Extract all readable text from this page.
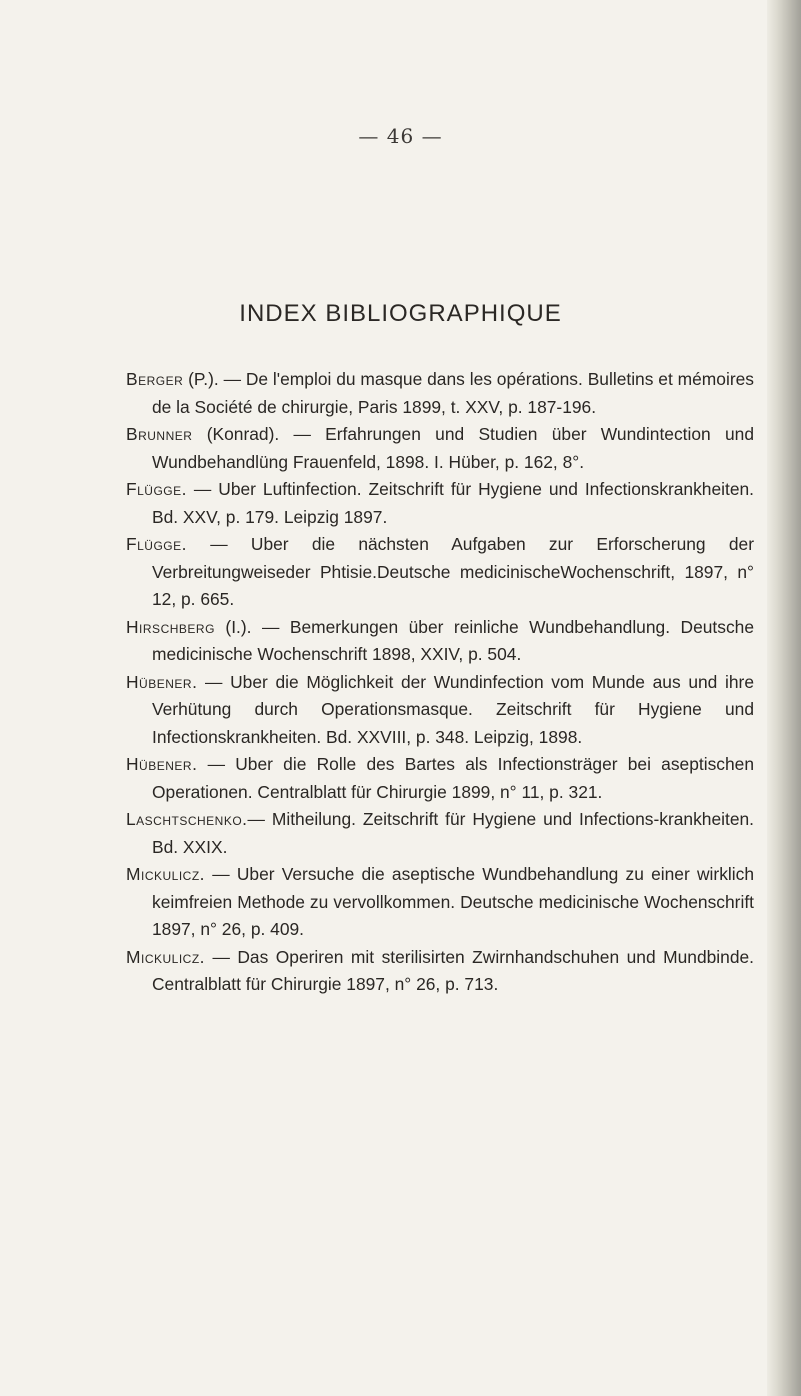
— 46 —
INDEX BIBLIOGRAPHIQUE

Berger (P.). — De l'emploi du masque dans les opérations. Bulletins et mémoires de la Société de chirurgie, Paris 1899, t. XXV, p. 187-196.

Brunner (Konrad). — Erfahrungen und Studien über Wundintection und Wundbehandlüng Frauenfeld, 1898. I. Hüber, p. 162, 8°.

Flügge. — Uber Luftinfection. Zeitschrift für Hygiene und Infectionskrankheiten. Bd. XXV, p. 179. Leipzig 1897.

Flügge. — Uber die nächsten Aufgaben zur Erforscherung der Verbreitungweiseder Phtisie.Deutsche medicinischeWochenschrift, 1897, n° 12, p. 665.

Hirschberg (I.). — Bemerkungen über reinliche Wundbehandlung. Deutsche medicinische Wochenschrift 1898, XXIV, p. 504.

Hübener. — Uber die Möglichkeit der Wundinfection vom Munde aus und ihre Verhütung durch Operationsmasque. Zeitschrift für Hygiene und Infectionskrankheiten. Bd. XXVIII, p. 348. Leipzig, 1898.

Hübener. — Uber die Rolle des Bartes als Infectionsträger bei aseptischen Operationen. Centralblatt für Chirurgie 1899, n° 11, p. 321.

Laschtschenko.— Mitheilung. Zeitschrift für Hygiene und Infections-krankheiten. Bd. XXIX.

Mickulicz. — Uber Versuche die aseptische Wundbehandlung zu einer wirklich keimfreien Methode zu vervollkommen. Deutsche medicinische Wochenschrift 1897, n° 26, p. 409.

Mickulicz. — Das Operiren mit sterilisirten Zwirnhandschuhen und Mundbinde. Centralblatt für Chirurgie 1897, n° 26, p. 713.
